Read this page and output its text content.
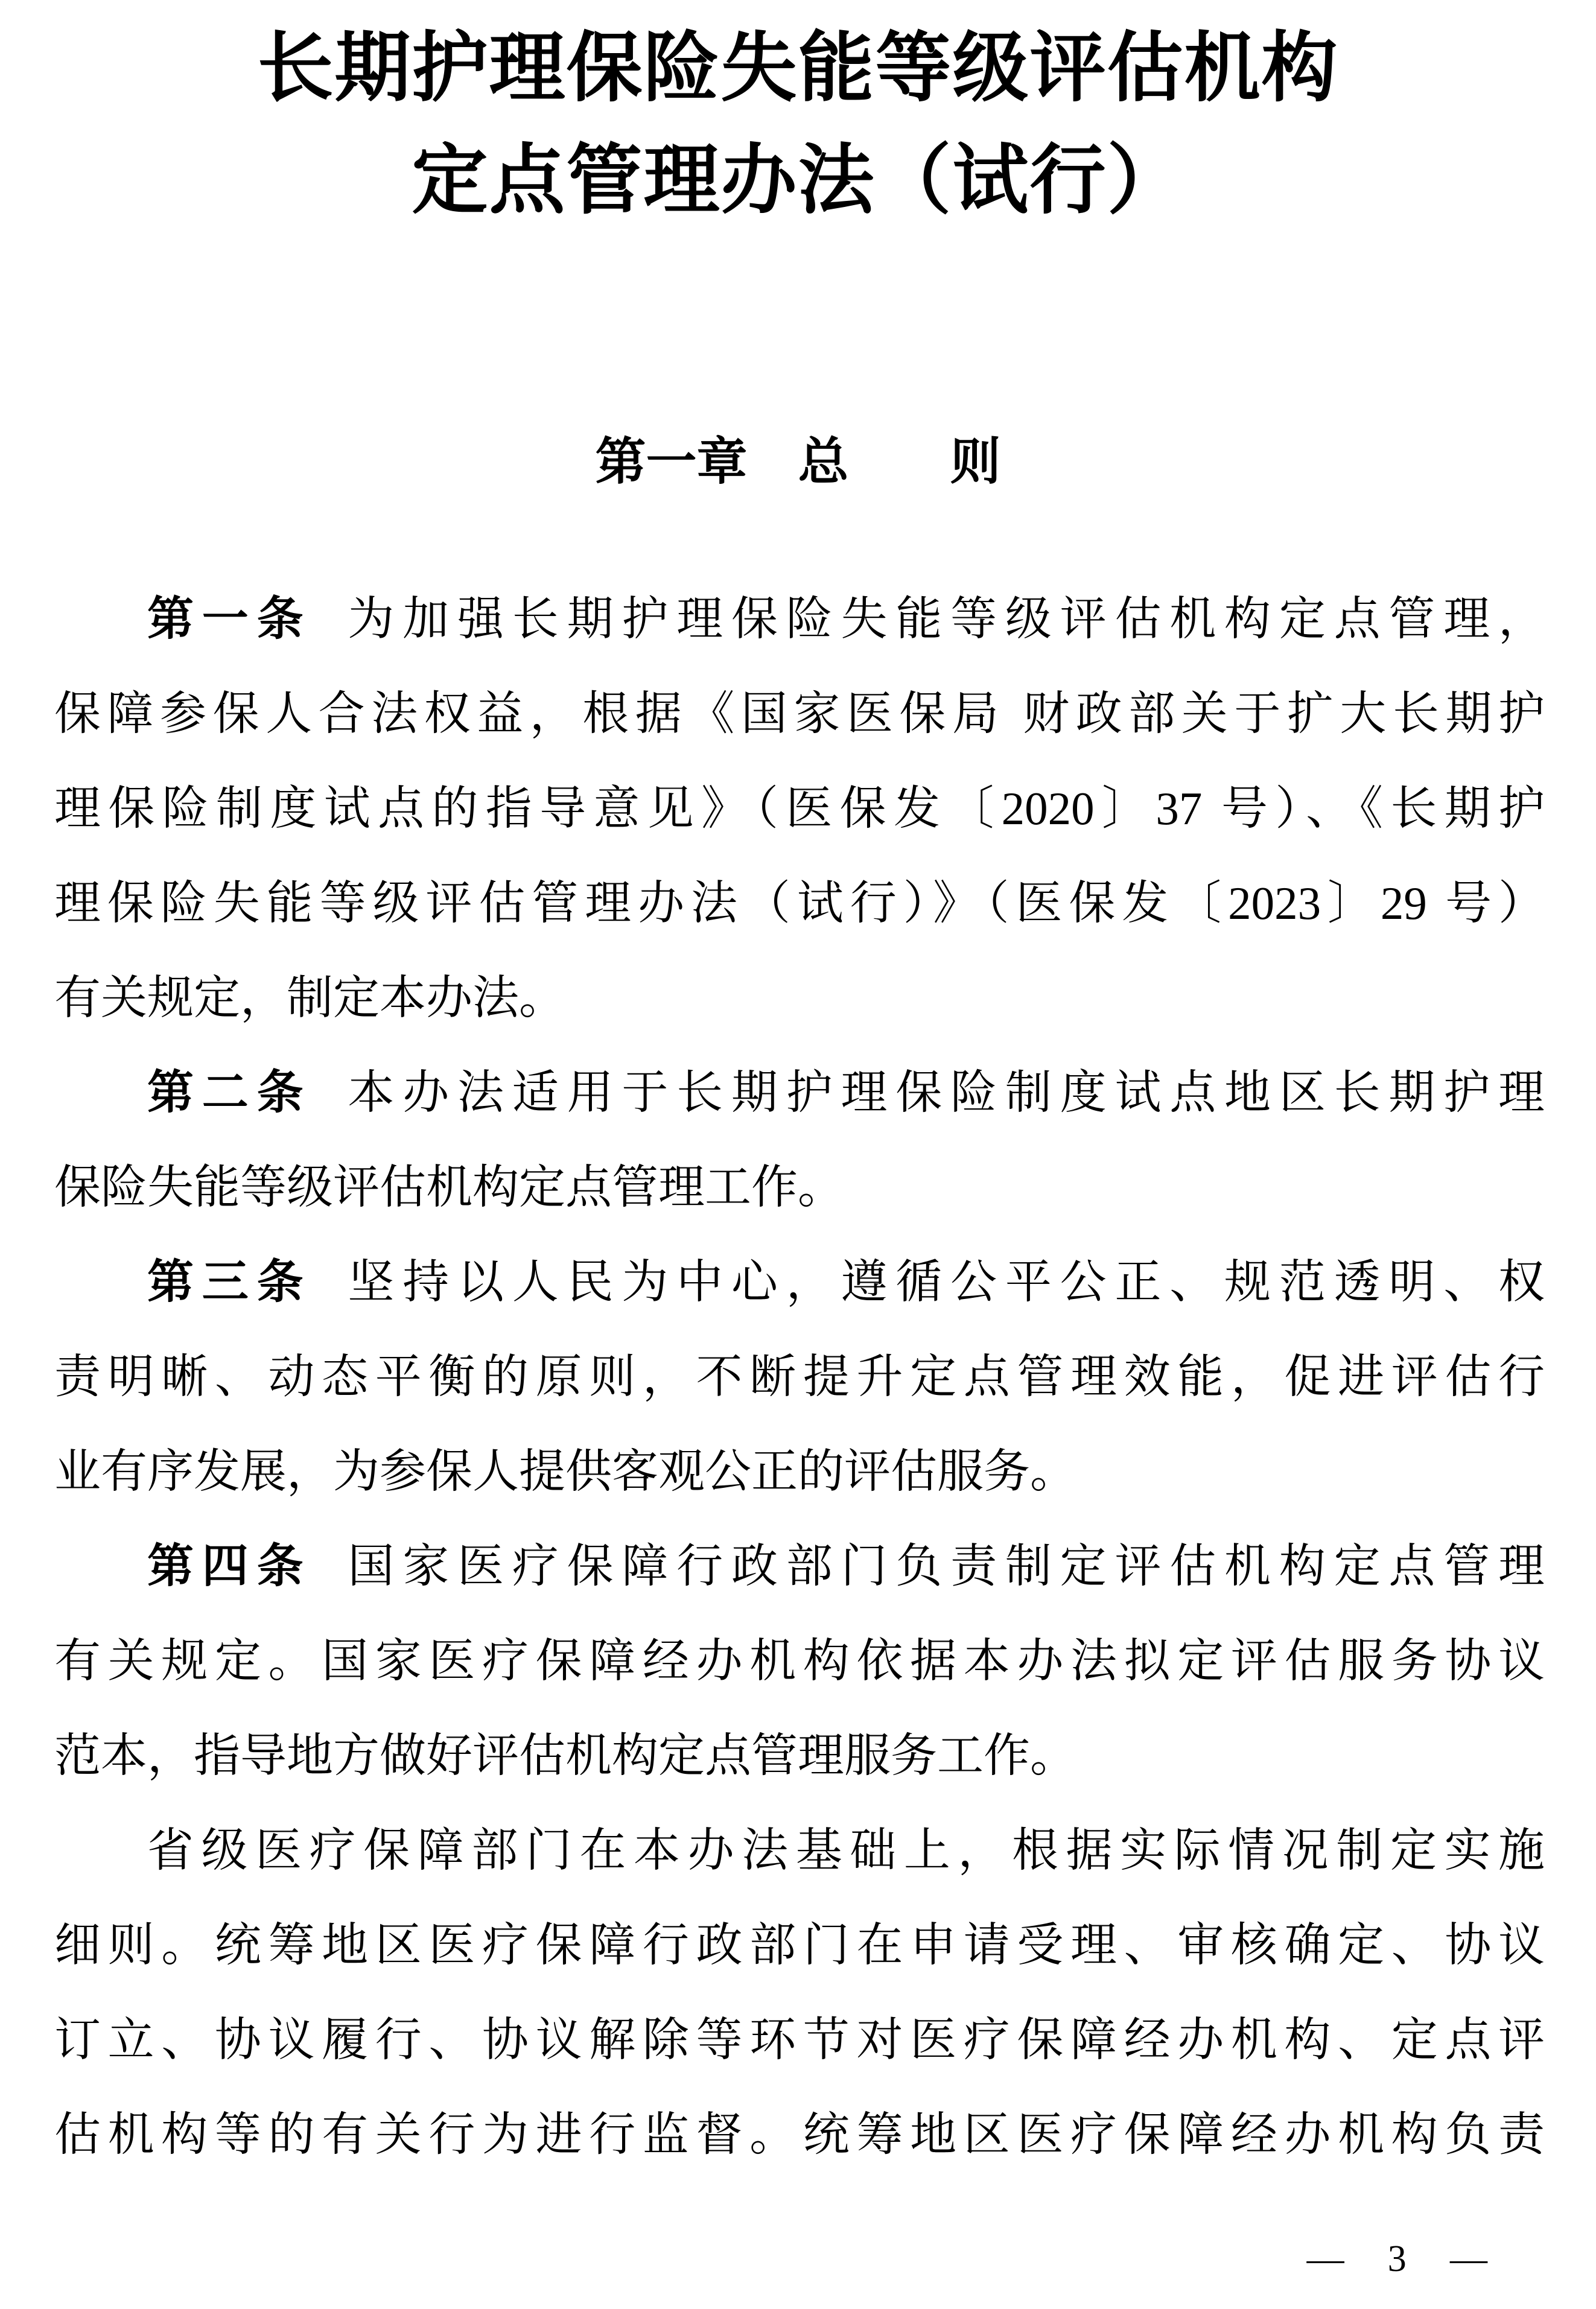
长期护理保险失能等级评估机构
定点管理办法（试行）
第一章　总　　则
第一条 为加强长期护理保险失能等级评估机构定点管理，
保障参保人合法权益，根据《国家医保局 财政部关于扩大长期护
理保险制度试点的指导意见》（医保发〔2020〕37 号）、《长期护
理保险失能等级评估管理办法（试行）》（医保发〔2023〕29 号）
有关规定，制定本办法。
第二条 本办法适用于长期护理保险制度试点地区长期护理
保险失能等级评估机构定点管理工作。
第三条 坚持以人民为中心，遵循公平公正、规范透明、权
责明晰、动态平衡的原则，不断提升定点管理效能，促进评估行
业有序发展，为参保人提供客观公正的评估服务。
第四条 国家医疗保障行政部门负责制定评估机构定点管理
有关规定。国家医疗保障经办机构依据本办法拟定评估服务协议
范本，指导地方做好评估机构定点管理服务工作。
省级医疗保障部门在本办法基础上，根据实际情况制定实施
细则。统筹地区医疗保障行政部门在申请受理、审核确定、协议
订立、协议履行、协议解除等环节对医疗保障经办机构、定点评
估机构等的有关行为进行监督。统筹地区医疗保障经办机构负责
— 3 —
